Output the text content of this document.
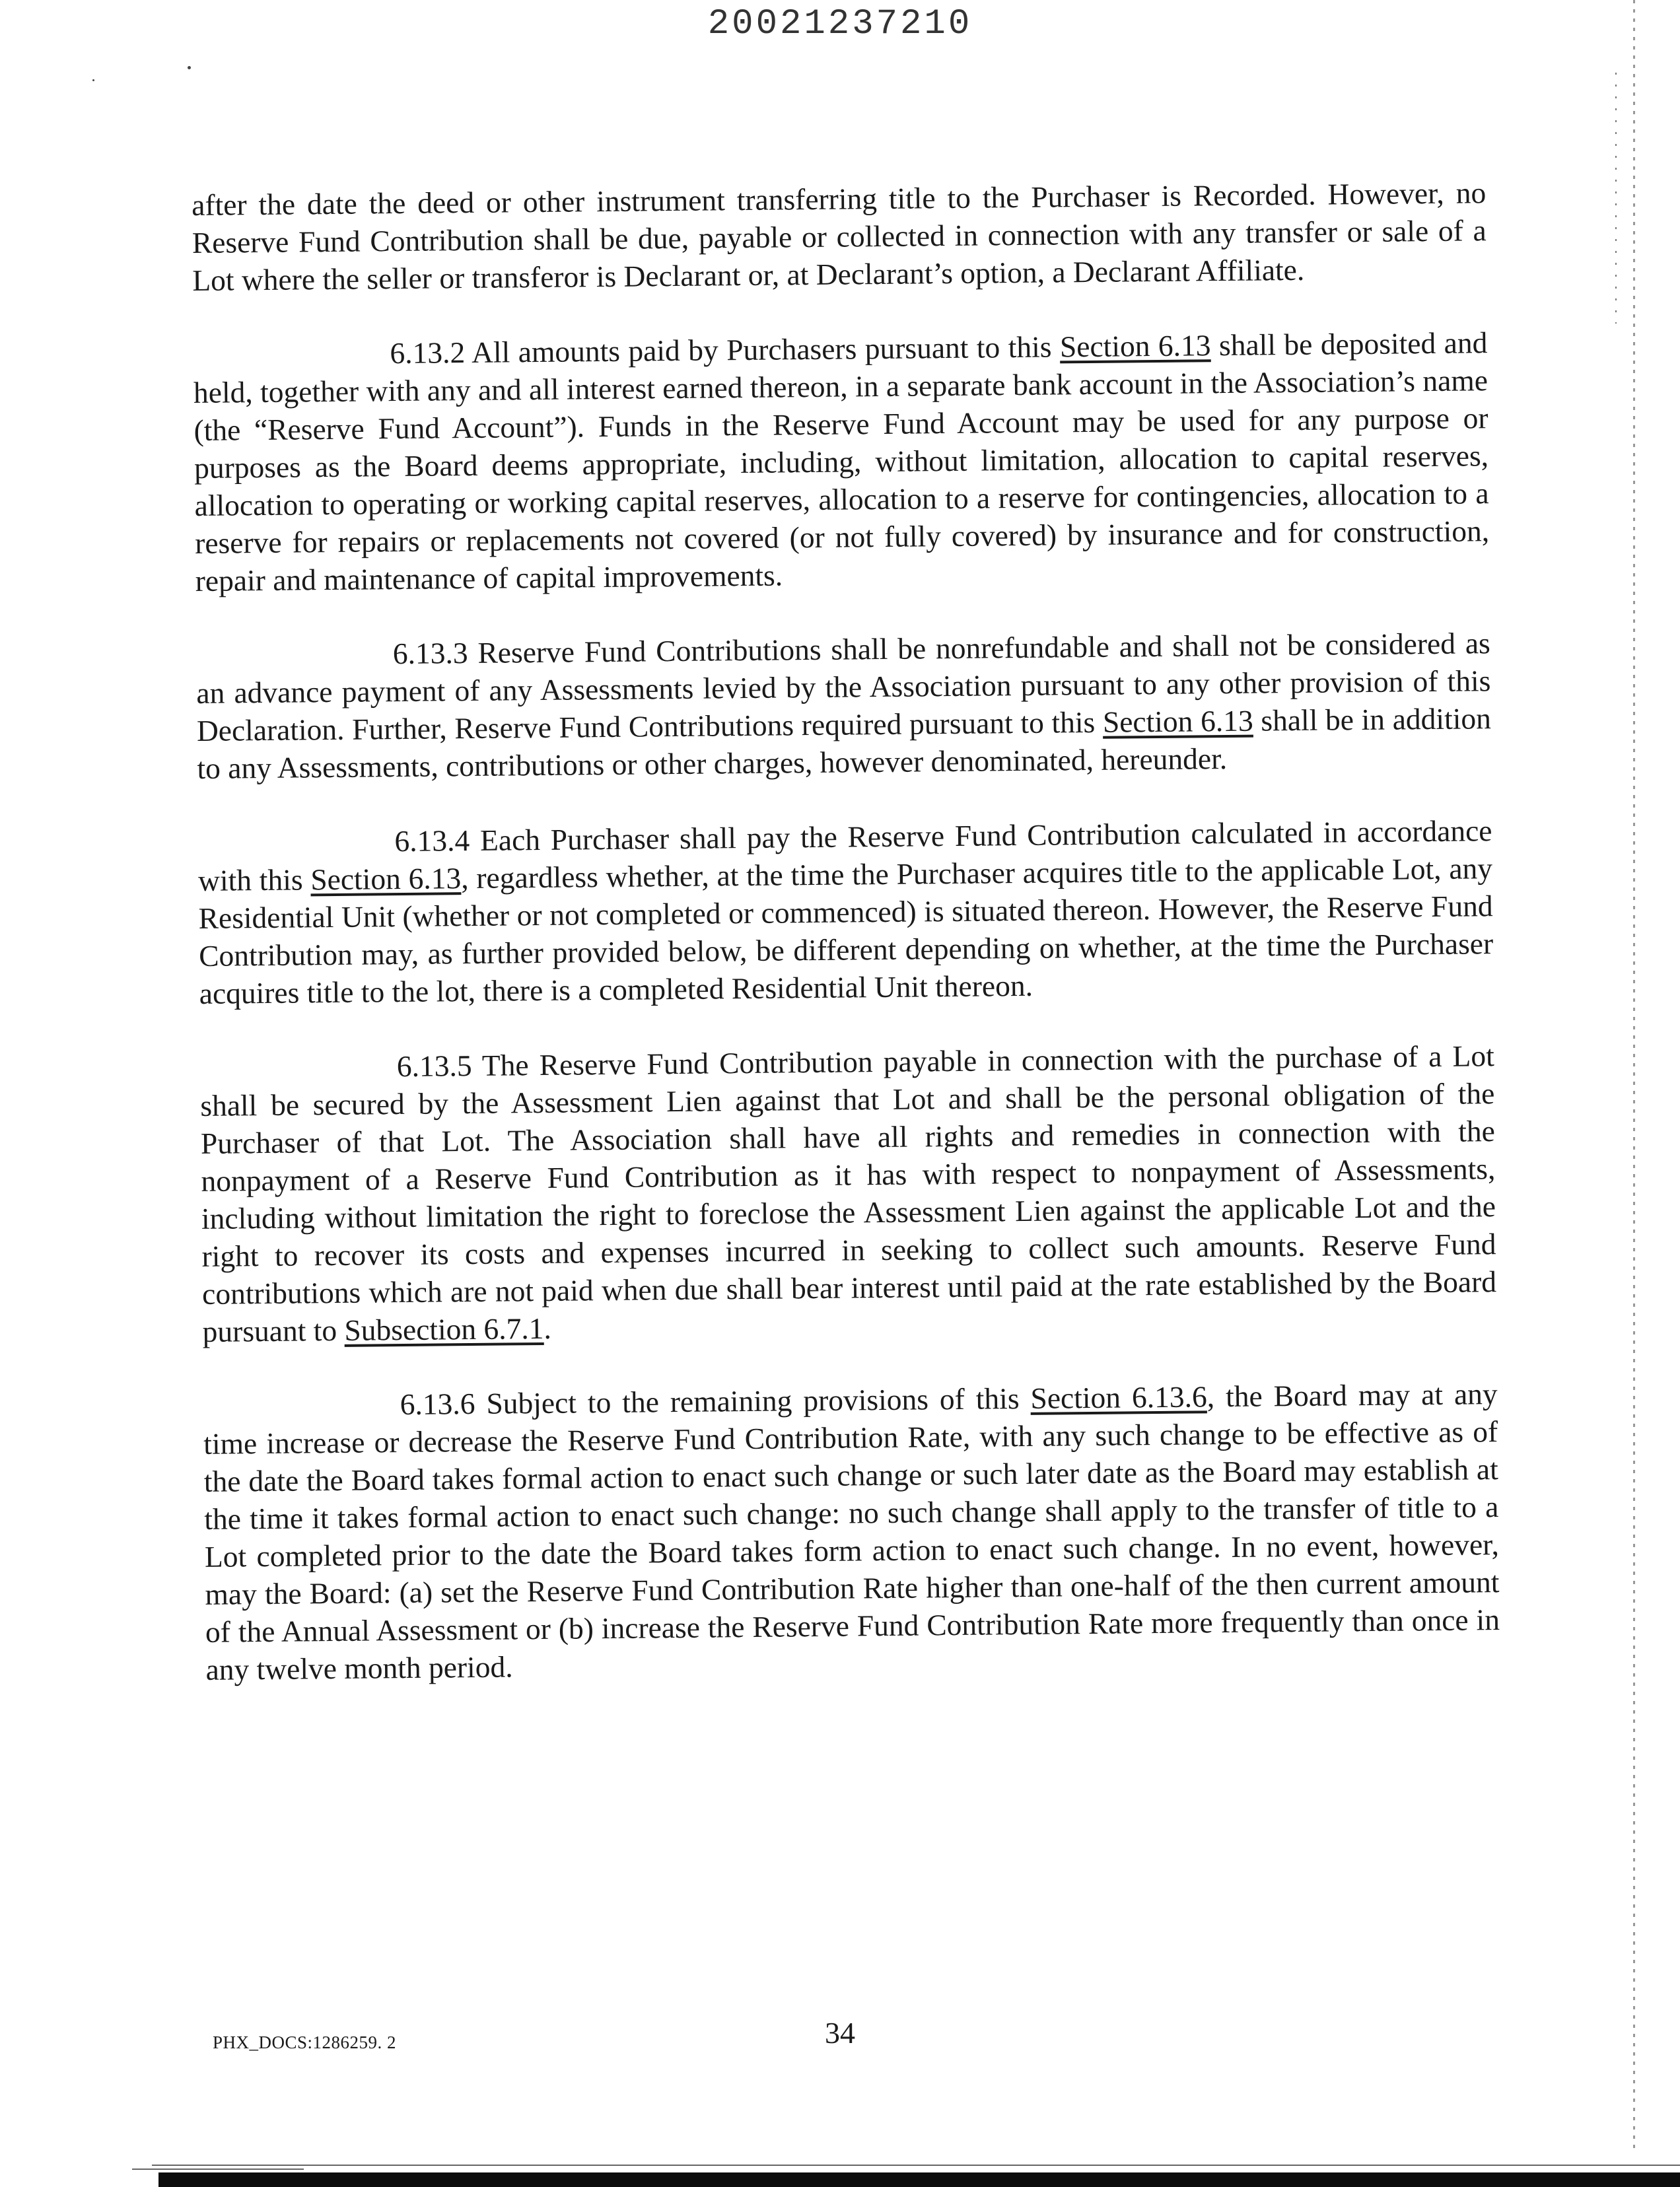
20021237210

after the date the deed or other instrument transferring title to the Purchaser is Recorded. However, no Reserve Fund Contribution shall be due, payable or collected in connection with any transfer or sale of a Lot where the seller or transferor is Declarant or, at Declarant’s option, a Declarant Affiliate.

6.13.2 All amounts paid by Purchasers pursuant to this Section 6.13 shall be deposited and held, together with any and all interest earned thereon, in a separate bank account in the Association’s name (the “Reserve Fund Account”). Funds in the Reserve Fund Account may be used for any purpose or purposes as the Board deems appropriate, including, without limitation, allocation to capital reserves, allocation to operating or working capital reserves, allocation to a reserve for contingencies, allocation to a reserve for repairs or replacements not covered (or not fully covered) by insurance and for construction, repair and maintenance of capital improvements.

6.13.3 Reserve Fund Contributions shall be nonrefundable and shall not be considered as an advance payment of any Assessments levied by the Association pursuant to any other provision of this Declaration. Further, Reserve Fund Contributions required pursuant to this Section 6.13 shall be in addition to any Assessments, contributions or other charges, however denominated, hereunder.

6.13.4 Each Purchaser shall pay the Reserve Fund Contribution calculated in accordance with this Section 6.13, regardless whether, at the time the Purchaser acquires title to the applicable Lot, any Residential Unit (whether or not completed or commenced) is situated thereon. However, the Reserve Fund Contribution may, as further provided below, be different depending on whether, at the time the Purchaser acquires title to the lot, there is a completed Residential Unit thereon.

6.13.5 The Reserve Fund Contribution payable in connection with the purchase of a Lot shall be secured by the Assessment Lien against that Lot and shall be the personal obligation of the Purchaser of that Lot. The Association shall have all rights and remedies in connection with the nonpayment of a Reserve Fund Contribution as it has with respect to nonpayment of Assessments, including without limitation the right to foreclose the Assessment Lien against the applicable Lot and the right to recover its costs and expenses incurred in seeking to collect such amounts. Reserve Fund contributions which are not paid when due shall bear interest until paid at the rate established by the Board pursuant to Subsection 6.7.1.

6.13.6 Subject to the remaining provisions of this Section 6.13.6, the Board may at any time increase or decrease the Reserve Fund Contribution Rate, with any such change to be effective as of the date the Board takes formal action to enact such change or such later date as the Board may establish at the time it takes formal action to enact such change: no such change shall apply to the transfer of title to a Lot completed prior to the date the Board takes form action to enact such change. In no event, however, may the Board: (a) set the Reserve Fund Contribution Rate higher than one-half of the then current amount of the Annual Assessment or (b) increase the Reserve Fund Contribution Rate more frequently than once in any twelve month period.

PHX_DOCS:1286259. 2	34
